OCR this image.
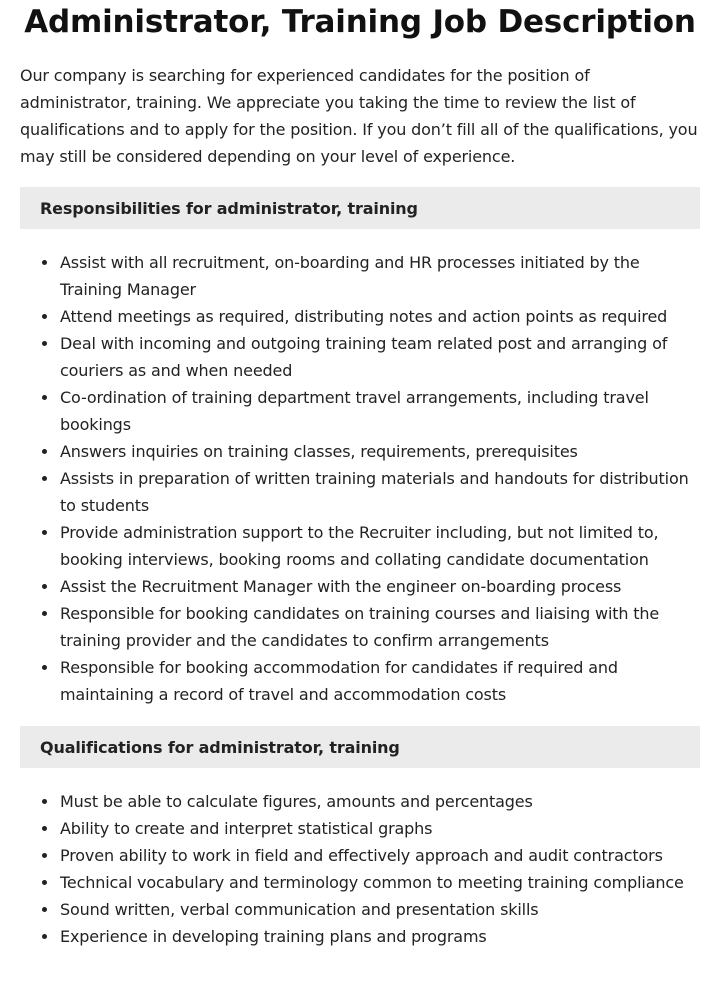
Administrator, Training Job Description

Our company is searching for experienced candidates for the position of administrator, training. We appreciate you taking the time to review the list of qualifications and to apply for the position. If you don’t fill all of the qualifications, you may still be considered depending on your level of experience.

Responsibilities for administrator, training
Assist with all recruitment, on-boarding and HR processes initiated by the Training Manager
Attend meetings as required, distributing notes and action points as required
Deal with incoming and outgoing training team related post and arranging of couriers as and when needed
Co-ordination of training department travel arrangements, including travel bookings
Answers inquiries on training classes, requirements, prerequisites
Assists in preparation of written training materials and handouts for distribution to students
Provide administration support to the Recruiter including, but not limited to, booking interviews, booking rooms and collating candidate documentation
Assist the Recruitment Manager with the engineer on-boarding process
Responsible for booking candidates on training courses and liaising with the training provider and the candidates to confirm arrangements
Responsible for booking accommodation for candidates if required and maintaining a record of travel and accommodation costs
Qualifications for administrator, training
Must be able to calculate figures, amounts and percentages
Ability to create and interpret statistical graphs
Proven ability to work in field and effectively approach and audit contractors
Technical vocabulary and terminology common to meeting training compliance
Sound written, verbal communication and presentation skills
Experience in developing training plans and programs
